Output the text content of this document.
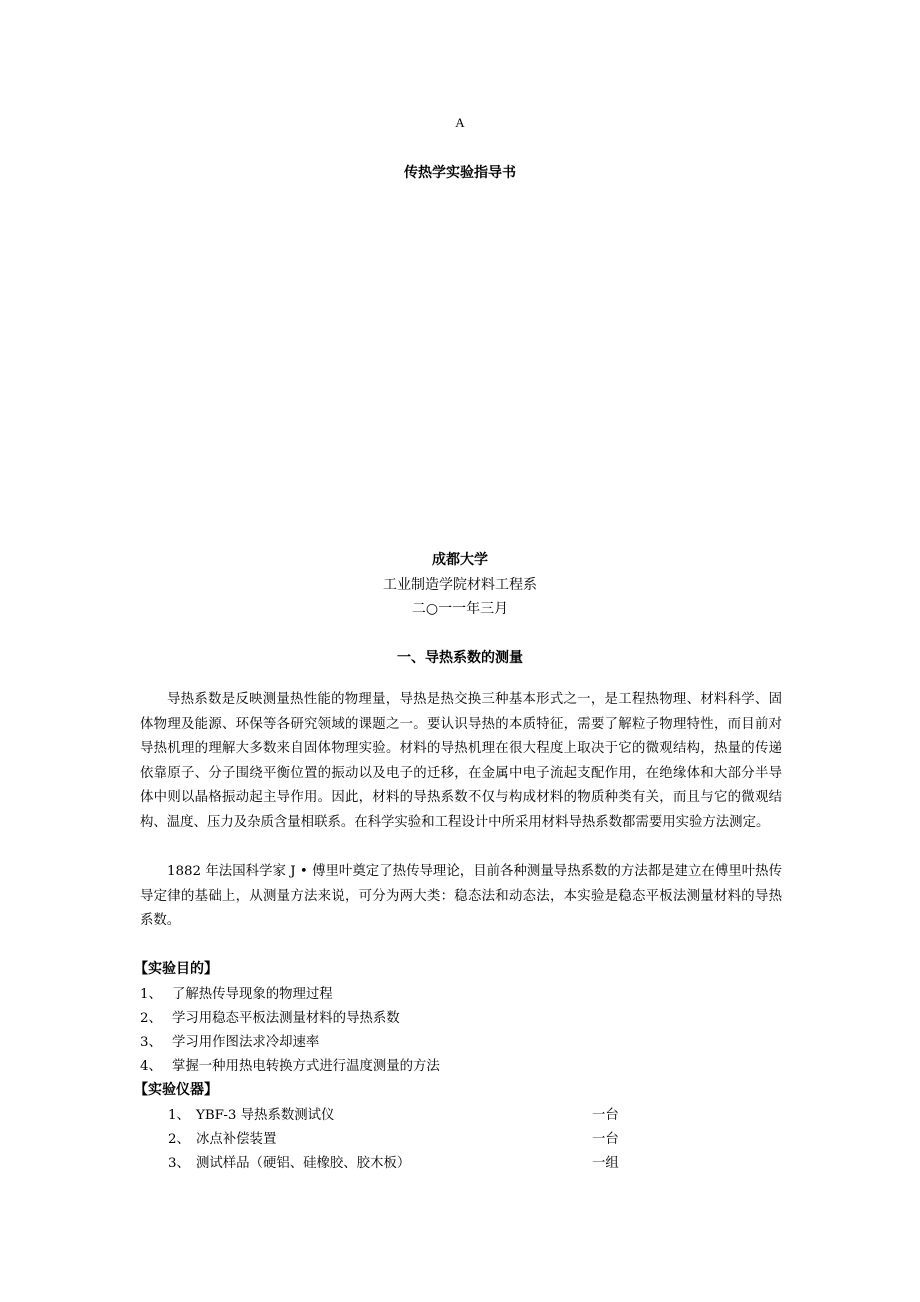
A
传热学实验指导书
成都大学
工业制造学院材料工程系
二○一一年三月
一、导热系数的测量
导热系数是反映测量热性能的物理量，导热是热交换三种基本形式之一，是工程热物理、材料科学、固体物理及能源、环保等各研究领域的课题之一。要认识导热的本质特征，需要了解粒子物理特性，而目前对导热机理的理解大多数来自固体物理实验。材料的导热机理在很大程度上取决于它的微观结构，热量的传递依靠原子、分子围绕平衡位置的振动以及电子的迁移，在金属中电子流起支配作用，在绝缘体和大部分半导体中则以晶格振动起主导作用。因此，材料的导热系数不仅与构成材料的物质种类有关，而且与它的微观结构、温度、压力及杂质含量相联系。在科学实验和工程设计中所采用材料导热系数都需要用实验方法测定。
1882 年法国科学家 J • 傅里叶奠定了热传导理论，目前各种测量导热系数的方法都是建立在傅里叶热传导定律的基础上，从测量方法来说，可分为两大类：稳态法和动态法，本实验是稳态平板法测量材料的导热系数。
【实验目的】
1、 了解热传导现象的物理过程
2、 学习用稳态平板法测量材料的导热系数
3、 学习用作图法求冷却速率
4、 掌握一种用热电转换方式进行温度测量的方法
【实验仪器】
1、 YBF-3 导热系数测试仪	一台
2、 冰点补偿装置	一台
3、 测试样品（硬铝、硅橡胶、胶木板）	一组
